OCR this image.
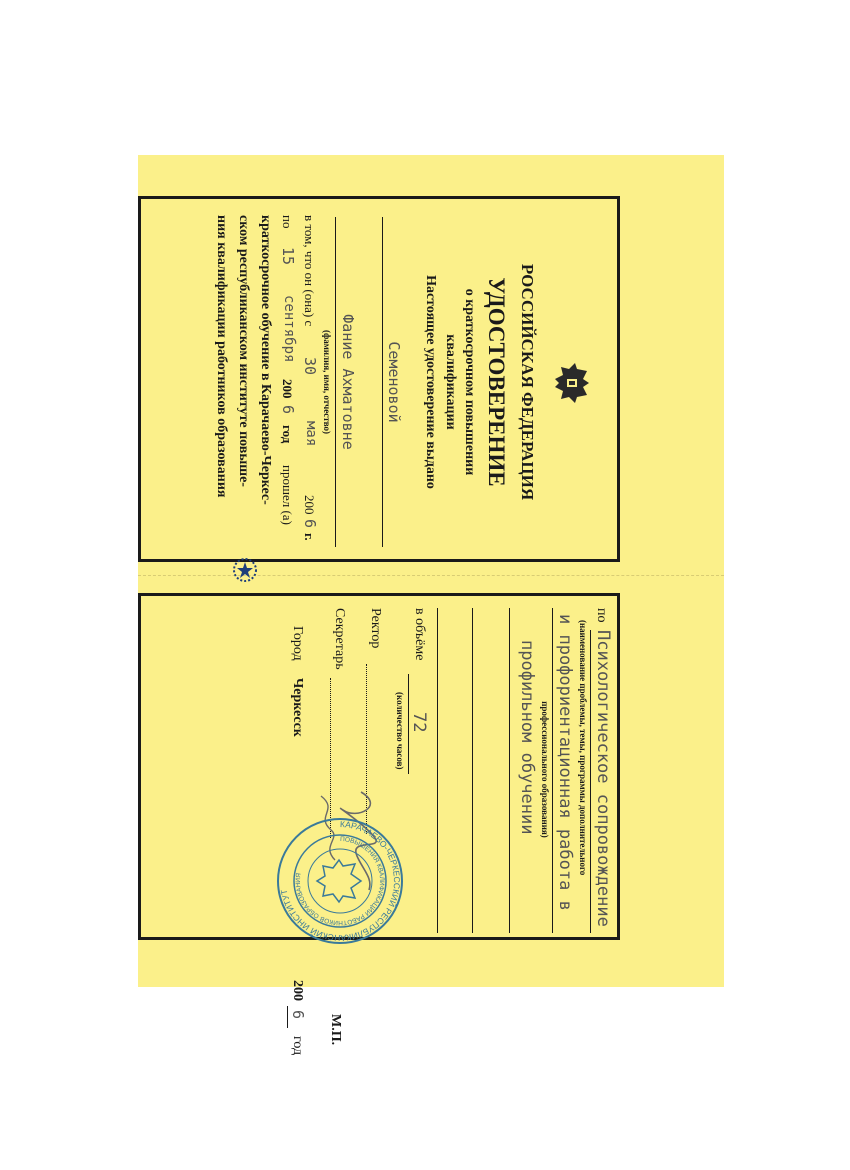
РОССИЙСКАЯ ФЕДЕРАЦИЯ
УДОСТОВЕРЕНИЕ
о краткосрочном повышении
квалификации
Настоящее удостоверение выдано
Семеновой
Фание Ахматовне
(фамилия, имя, отчество)
в том, что он (она) с
30
мая
200
6
г.
по
15
сентября
200
6
год
прошел (а)
краткосрочное обучение в Карачаево-Черкес-
ском республиканском институте повыше-
ния квалификации работников образования
по
Психологическое сопровождение
(наименование проблемы, темы, программы дополнительного
и профориентационная работа в
профессионального образования)
профильном обучении
в объёме
72
(количество часов)
Ректор
Секретарь
М.П.
Город
Черкесск
200
6
год
КАРАЧАЕВО-ЧЕРКЕССКИЙ РЕСПУБЛИКАНСКИЙ ИНСТИТУТ
ПОВЫШЕНИЯ КВАЛИФИКАЦИИ РАБОТНИКОВ ОБРАЗОВАНИЯ
